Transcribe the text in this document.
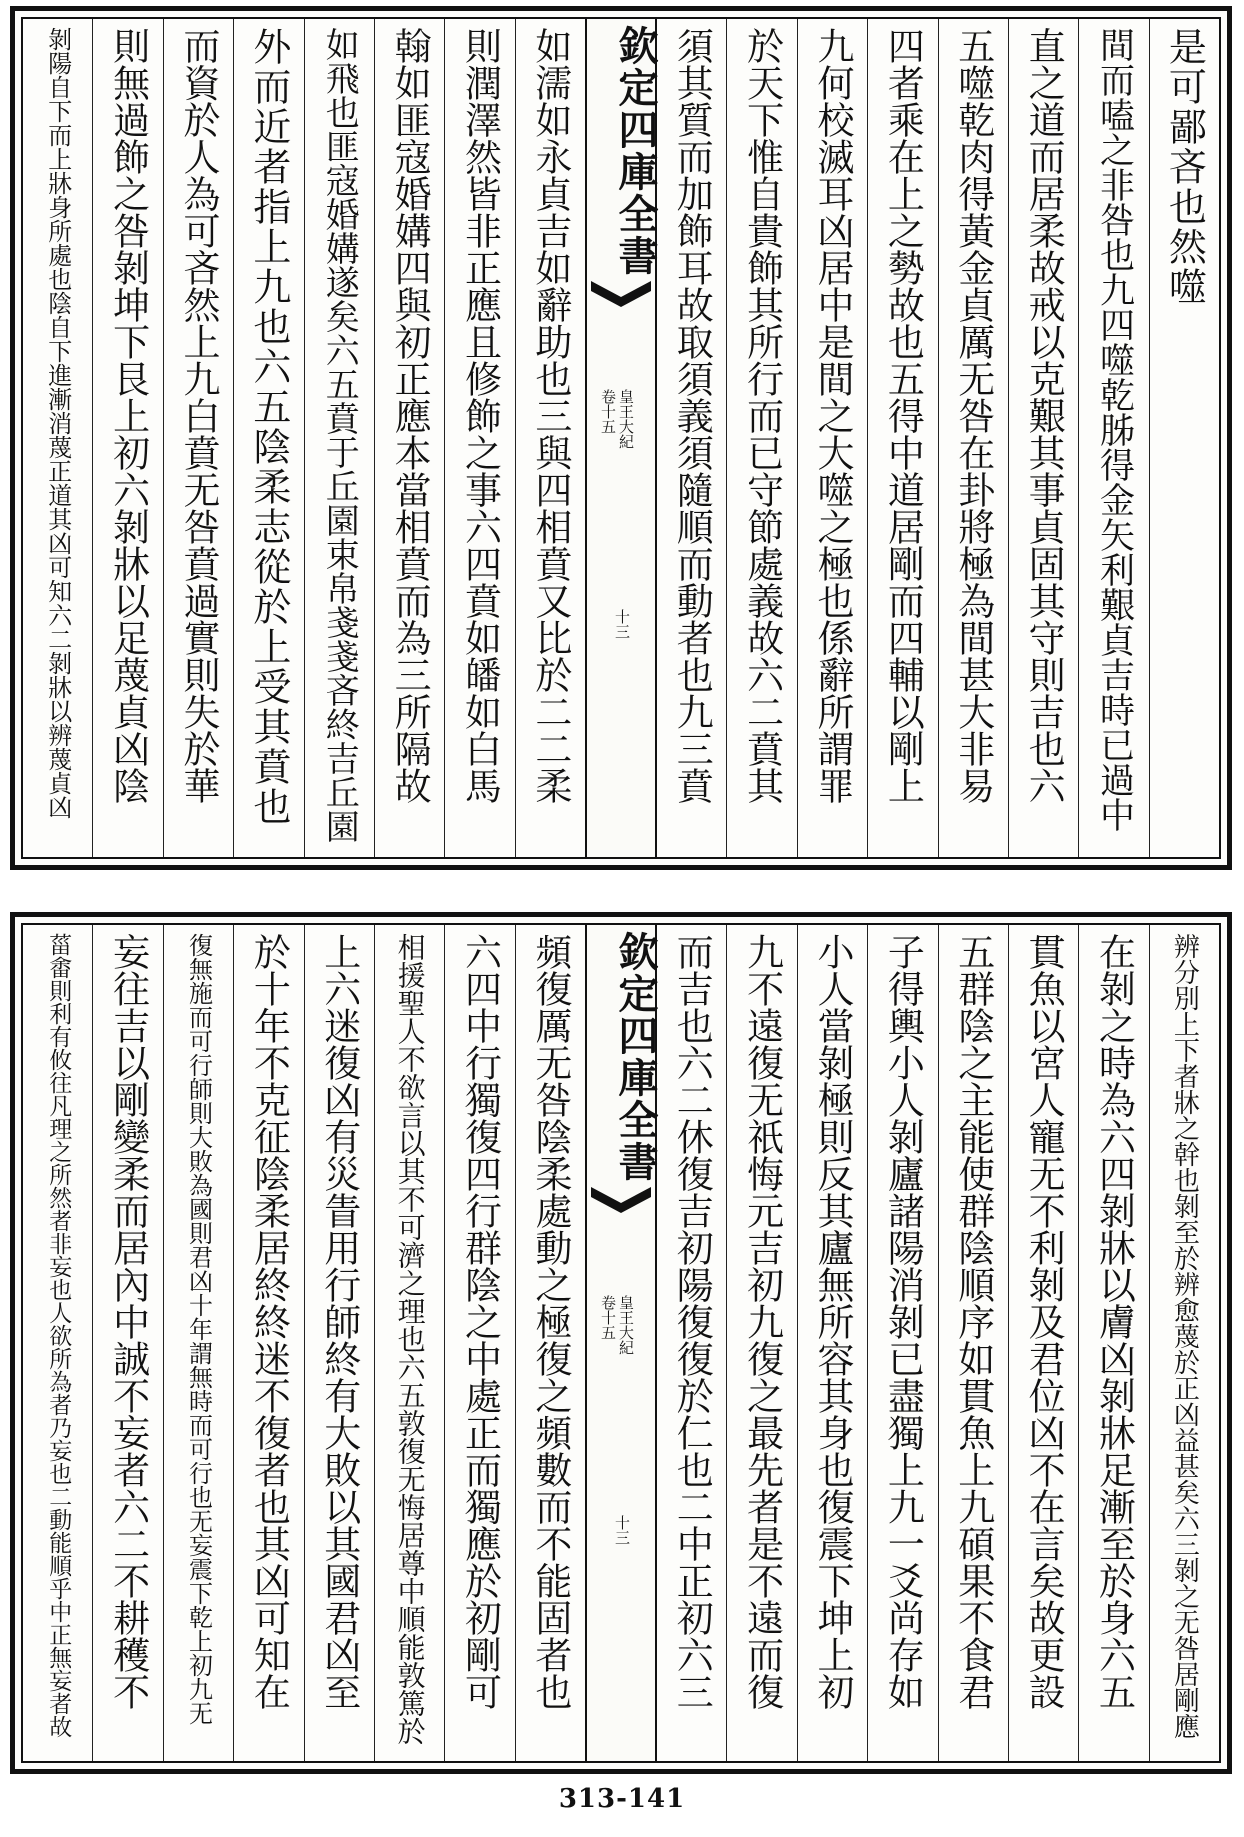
是可鄙吝也然噬
間而嗑之非咎也九四噬乾胏得金矢利艱貞吉時已過中
直之道而居柔故戒以克艱其事貞固其守則吉也六
五噬乾肉得黃金貞厲无咎在卦將極為間甚大非易
四者乘在上之勢故也五得中道居剛而四輔以剛上
九何校滅耳凶居中是間之大噬之極也係辭所謂罪
於天下惟自貴飾其所行而已守節處義故六二賁其
須其質而加飾耳故取須義須隨順而動者也九三賁
欽定四庫全書
皇王大紀
卷十五
十三
如濡如永貞吉如辭助也三與四相賁又比於二二柔
則潤澤然皆非正應且修飾之事六四賁如皤如白馬
翰如匪寇婚媾四與初正應本當相賁而為三所隔故
如飛也匪寇婚媾遂矣六五賁于丘園束帛戔戔吝終吉丘園
外而近者指上九也六五陰柔志從於上受其賁也
而資於人為可吝然上九白賁无咎賁過實則失於華
則無過飾之咎剝坤下艮上初六剝牀以足蔑貞凶陰
剝陽自下而上牀身所處也陰自下進漸消蔑正道其凶可知六二剝牀以辨蔑貞凶
辨分別上下者牀之幹也剝至於辨愈蔑於正凶益甚矣六三剝之无咎居剛應
在剝之時為六四剝牀以膚凶剝牀足漸至於身六五
貫魚以宮人寵无不利剝及君位凶不在言矣故更設
五群陰之主能使群陰順序如貫魚上九碩果不食君
子得輿小人剝廬諸陽消剝已盡獨上九一爻尚存如
小人當剝極則反其廬無所容其身也復震下坤上初
九不遠復无祇悔元吉初九復之最先者是不遠而復
而吉也六二休復吉初陽復復於仁也二中正初六三
欽定四庫全書
皇王大紀
卷十五
十三
頻復厲无咎陰柔處動之極復之頻數而不能固者也
六四中行獨復四行群陰之中處正而獨應於初剛可
相援聖人不欲言以其不可濟之理也六五敦復无悔居尊中順能敦篤於
上六迷復凶有災眚用行師終有大敗以其國君凶至
於十年不克征陰柔居終終迷不復者也其凶可知在
復無施而可行師則大敗為國則君凶十年謂無時而可行也无妄震下乾上初九无
妄往吉以剛變柔而居內中誠不妄者六二不耕穫不
菑畬則利有攸往凡理之所然者非妄也人欲所為者乃妄也二動能順乎中正無妄者故
313-141
